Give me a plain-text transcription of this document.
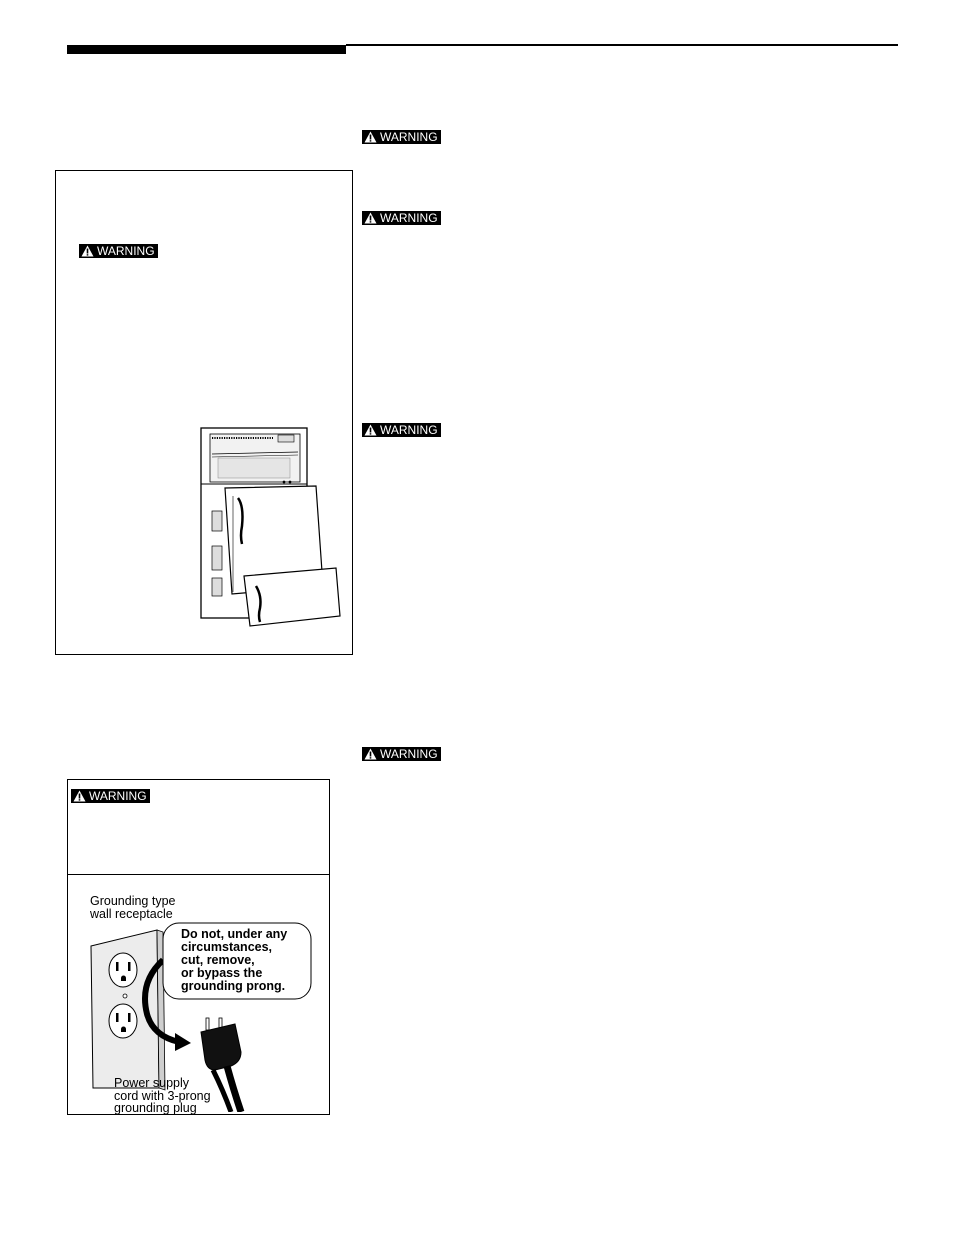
WARNING
WARNING
WARNING
WARNING
WARNING
WARNING
Grounding type
wall receptacle
Do not, under any
circumstances,
cut, remove,
or bypass the
grounding prong.
Power supply
cord with 3-prong
grounding plug
